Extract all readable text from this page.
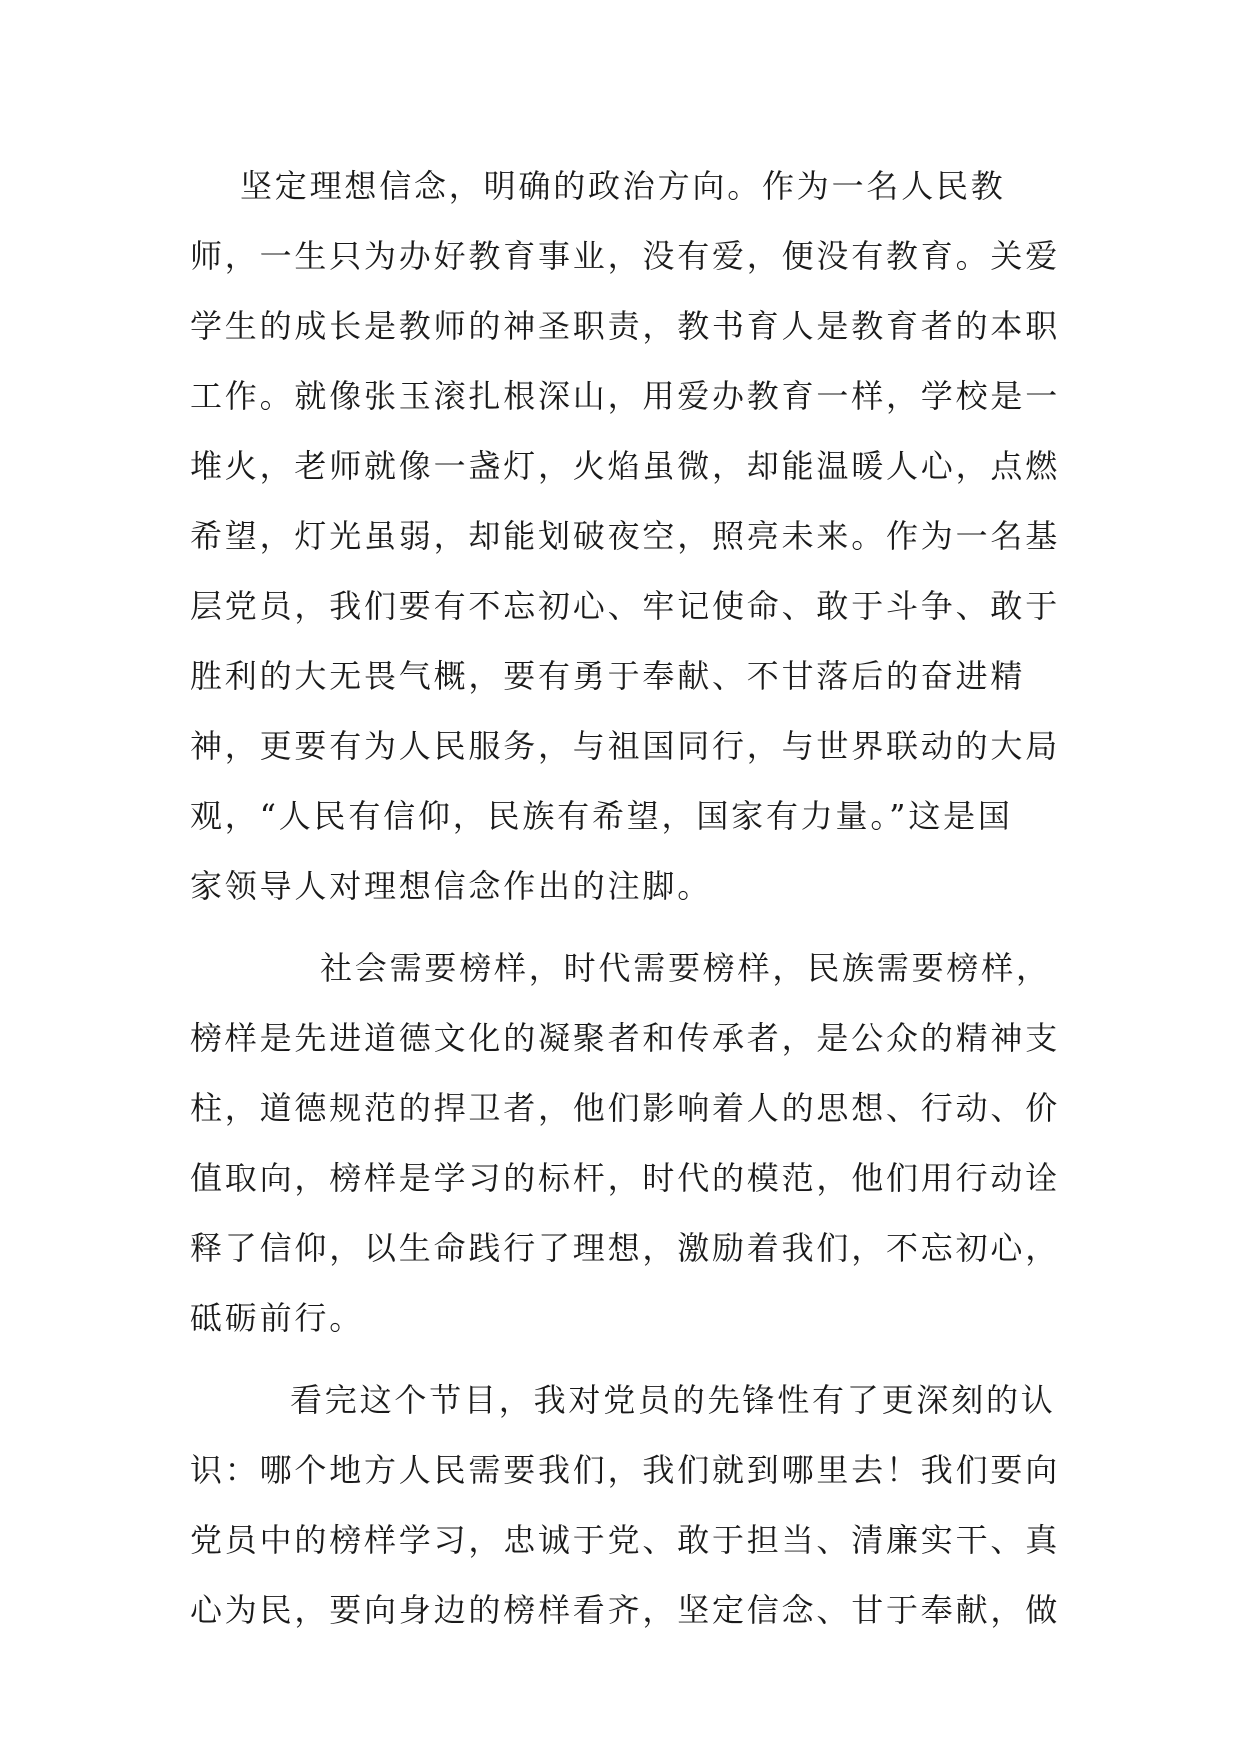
坚定理想信念，明确的政治方向。作为一名人民教
师，一生只为办好教育事业，没有爱，便没有教育。关爱
学生的成长是教师的神圣职责，教书育人是教育者的本职
工作。就像张玉滚扎根深山，用爱办教育一样，学校是一
堆火，老师就像一盏灯，火焰虽微，却能温暖人心，点燃
希望，灯光虽弱，却能划破夜空，照亮未来。作为一名基
层党员，我们要有不忘初心、牢记使命、敢于斗争、敢于
胜利的大无畏气概，要有勇于奉献、不甘落后的奋进精
神，更要有为人民服务，与祖国同行，与世界联动的大局
观，“人民有信仰，民族有希望，国家有力量。”这是国
家领导人对理想信念作出的注脚。
社会需要榜样，时代需要榜样，民族需要榜样，
榜样是先进道德文化的凝聚者和传承者，是公众的精神支
柱，道德规范的捍卫者，他们影响着人的思想、行动、价
值取向，榜样是学习的标杆，时代的模范，他们用行动诠
释了信仰，以生命践行了理想，激励着我们，不忘初心，
砥砺前行。
看完这个节目，我对党员的先锋性有了更深刻的认
识：哪个地方人民需要我们，我们就到哪里去！我们要向
党员中的榜样学习，忠诚于党、敢于担当、清廉实干、真
心为民，要向身边的榜样看齐，坚定信念、甘于奉献，做
